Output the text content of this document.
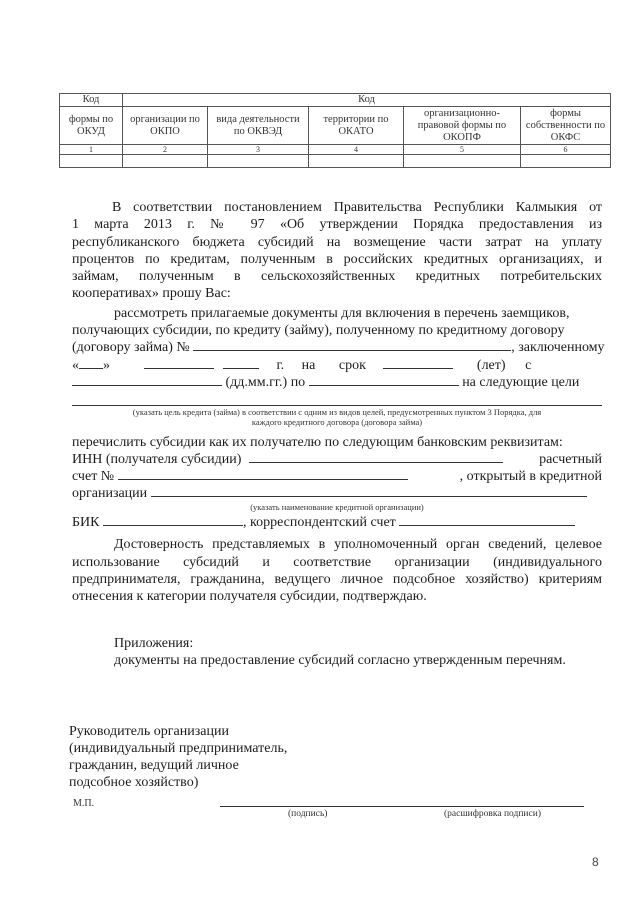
Код	Код				
формы по ОКУД	организации по ОКПО	вида деятельности по ОКВЭД	территории по ОКАТО	организационно-правовой формы по ОКОПФ	формы собственности по ОКФС
1	2	3	4	5	6

В соответствии постановлением Правительства Республики Калмыкия от
1 марта 2013 г. № 97 «Об утверждении Порядка предоставления из
республиканского бюджета субсидий на возмещение части затрат на уплату
процентов по кредитам, полученным в российских кредитных организациях, и
займам, полученным в сельскохозяйственных кредитных потребительских
кооперативах» прошу Вас:
рассмотреть прилагаемые документы для включения в перечень заемщиков,
получающих субсидии, по кредиту (займу), полученному по кредитному договору
(договору займа) №	, заключенному
« »	г. на срок	(лет) с
(дд.мм.гг.) по	на следующие цели
(указать цель кредита (займа) в соответствии с одним из видов целей, предусмотренных пунктом 3 Порядка, для
каждого кредитного договора (договора займа)
перечислить субсидии как их получателю по следующим банковским реквизитам:
ИНН (получателя субсидии)	расчетный
счет №	, открытый в кредитной
организации
(указать наименование кредитной организации)
БИК	, корреспондентский счет
Достоверность представляемых в уполномоченный орган сведений, целевое
использование субсидий и соответствие организации (индивидуального
предпринимателя, гражданина, ведущего личное подсобное хозяйство) критериям
отнесения к категории получателя субсидии, подтверждаю.
Приложения:
документы на предоставление субсидий согласно утвержденным перечням.
Руководитель организации
(индивидуальный предприниматель,
гражданин, ведущий личное
подсобное хозяйство)
М.П.
(подпись)	(расшифровка подписи)
8
